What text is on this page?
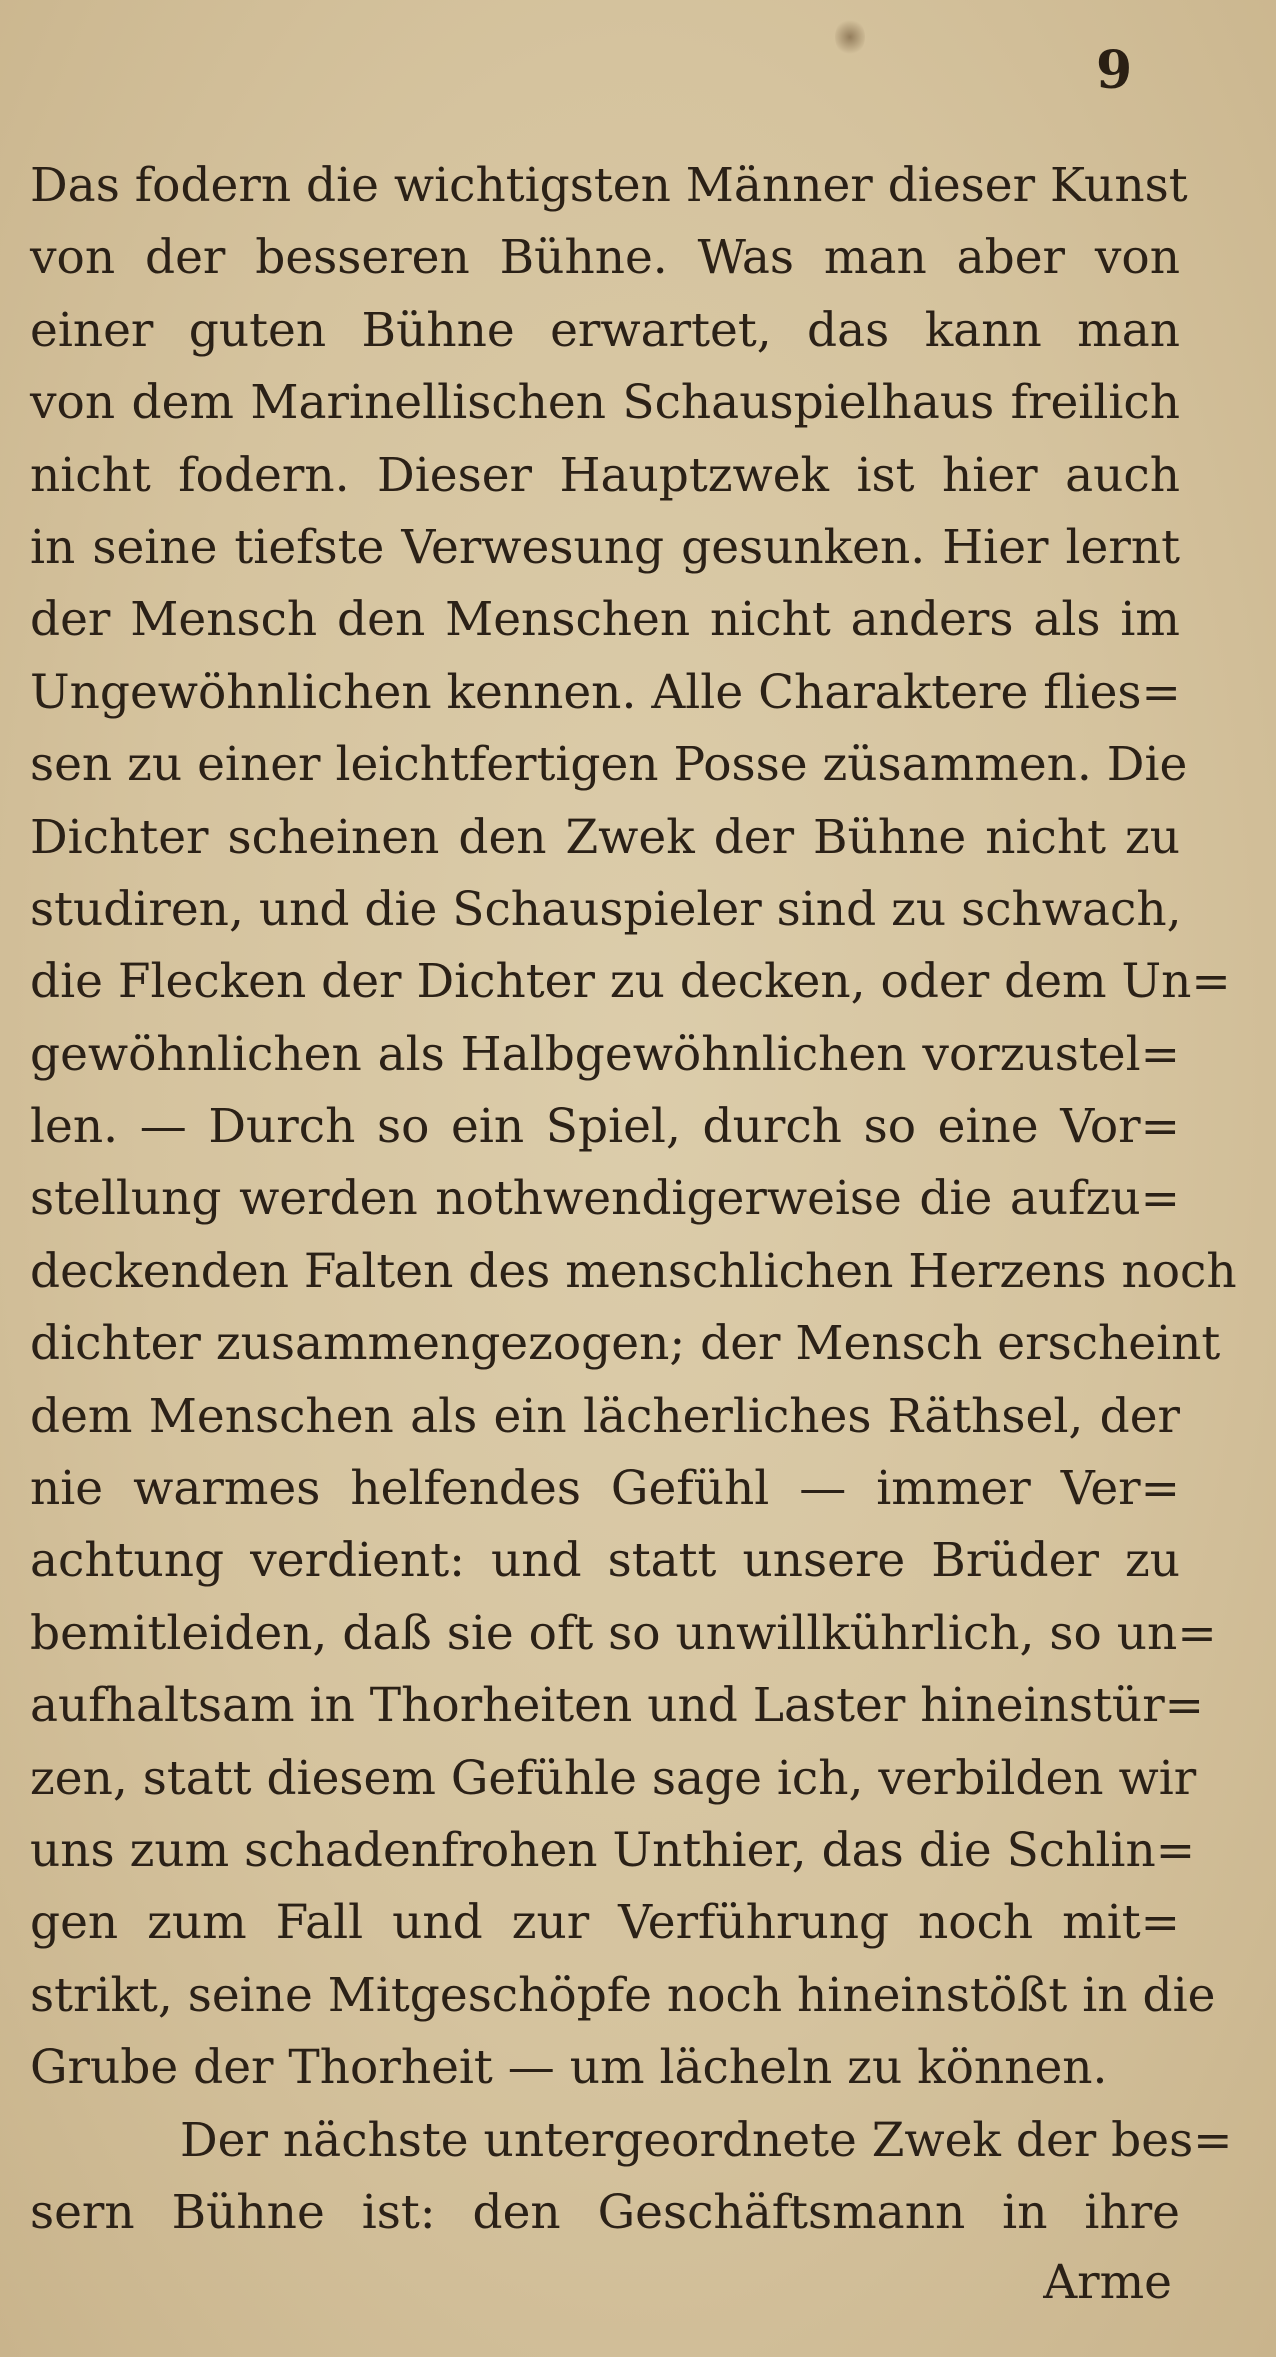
9
Das fodern die wichtigsten Männer dieser Kunst
von der besseren Bühne. Was man aber von
einer guten Bühne erwartet, das kann man
von dem Marinellischen Schauspielhaus freilich
nicht fodern. Dieser Hauptzwek ist hier auch
in seine tiefste Verwesung gesunken. Hier lernt
der Mensch den Menschen nicht anders als im
Ungewöhnlichen kennen. Alle Charaktere flies=
sen zu einer leichtfertigen Posse züsammen. Die
Dichter scheinen den Zwek der Bühne nicht zu
studiren, und die Schauspieler sind zu schwach,
die Flecken der Dichter zu decken, oder dem Un=
gewöhnlichen als Halbgewöhnlichen vorzustel=
len. — Durch so ein Spiel, durch so eine Vor=
stellung werden nothwendigerweise die aufzu=
deckenden Falten des menschlichen Herzens noch
dichter zusammengezogen; der Mensch erscheint
dem Menschen als ein lächerliches Räthsel, der
nie warmes helfendes Gefühl — immer Ver=
achtung verdient: und statt unsere Brüder zu
bemitleiden, daß sie oft so unwillkührlich, so un=
aufhaltsam in Thorheiten und Laster hineinstür=
zen, statt diesem Gefühle sage ich, verbilden wir
uns zum schadenfrohen Unthier, das die Schlin=
gen zum Fall und zur Verführung noch mit=
strikt, seine Mitgeschöpfe noch hineinstößt in die
Grube der Thorheit — um lächeln zu können.
Der nächste untergeordnete Zwek der bes=
sern Bühne ist: den Geschäftsmann in ihre
Arme
